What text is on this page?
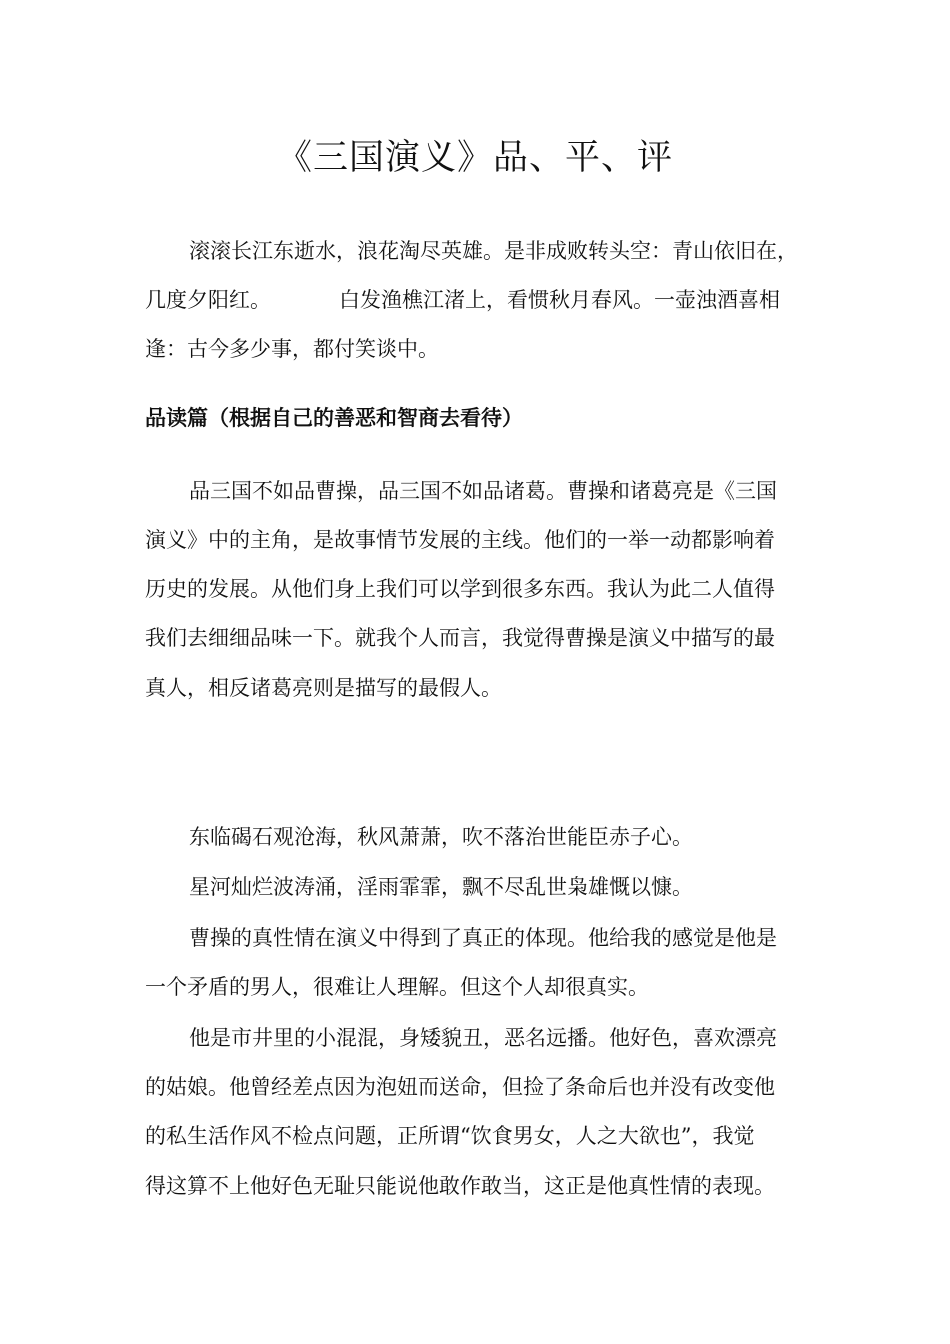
《三国演义》品、平、评
滚滚长江东逝水，浪花淘尽英雄。是非成败转头空：青山依旧在，
几度夕阳红。	白发渔樵江渚上，看惯秋月春风。一壶浊酒喜相
逢：古今多少事，都付笑谈中。
品读篇（根据自己的善恶和智商去看待）
品三国不如品曹操，品三国不如品诸葛。曹操和诸葛亮是《三国
演义》中的主角，是故事情节发展的主线。他们的一举一动都影响着
历史的发展。从他们身上我们可以学到很多东西。我认为此二人值得
我们去细细品味一下。就我个人而言，我觉得曹操是演义中描写的最
真人，相反诸葛亮则是描写的最假人。
东临碣石观沧海，秋风萧萧，吹不落治世能臣赤子心。
星河灿烂波涛涌，淫雨霏霏，飘不尽乱世枭雄慨以慷。
曹操的真性情在演义中得到了真正的体现。他给我的感觉是他是
一个矛盾的男人，很难让人理解。但这个人却很真实。
他是市井里的小混混，身矮貌丑，恶名远播。他好色，喜欢漂亮
的姑娘。他曾经差点因为泡妞而送命，但捡了条命后也并没有改变他
的私生活作风不检点问题，正所谓“饮食男女，人之大欲也”，我觉
得这算不上他好色无耻只能说他敢作敢当，这正是他真性情的表现。
